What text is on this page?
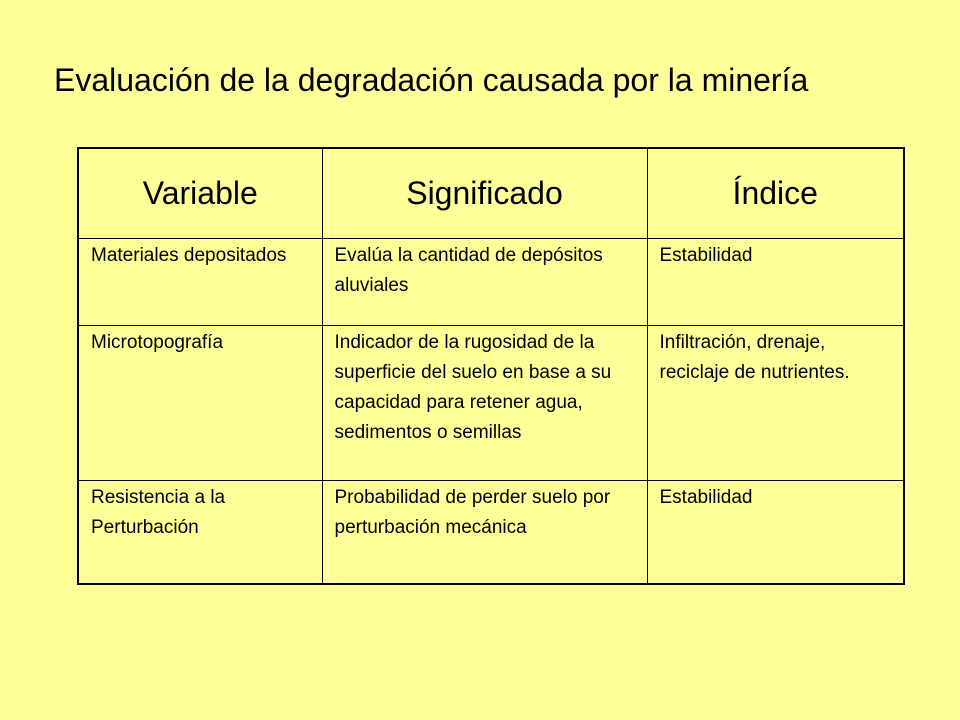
Evaluación de la degradación causada por la minería
Variable	Significado	Índice
Materiales depositados	Evalúa la cantidad de depósitos aluviales	Estabilidad
Microtopografía	Indicador de la rugosidad de la superficie del suelo en base a su capacidad para retener agua, sedimentos o semillas	Infiltración, drenaje, reciclaje de nutrientes.
Resistencia a la Perturbación	Probabilidad de perder suelo por perturbación mecánica	Estabilidad
